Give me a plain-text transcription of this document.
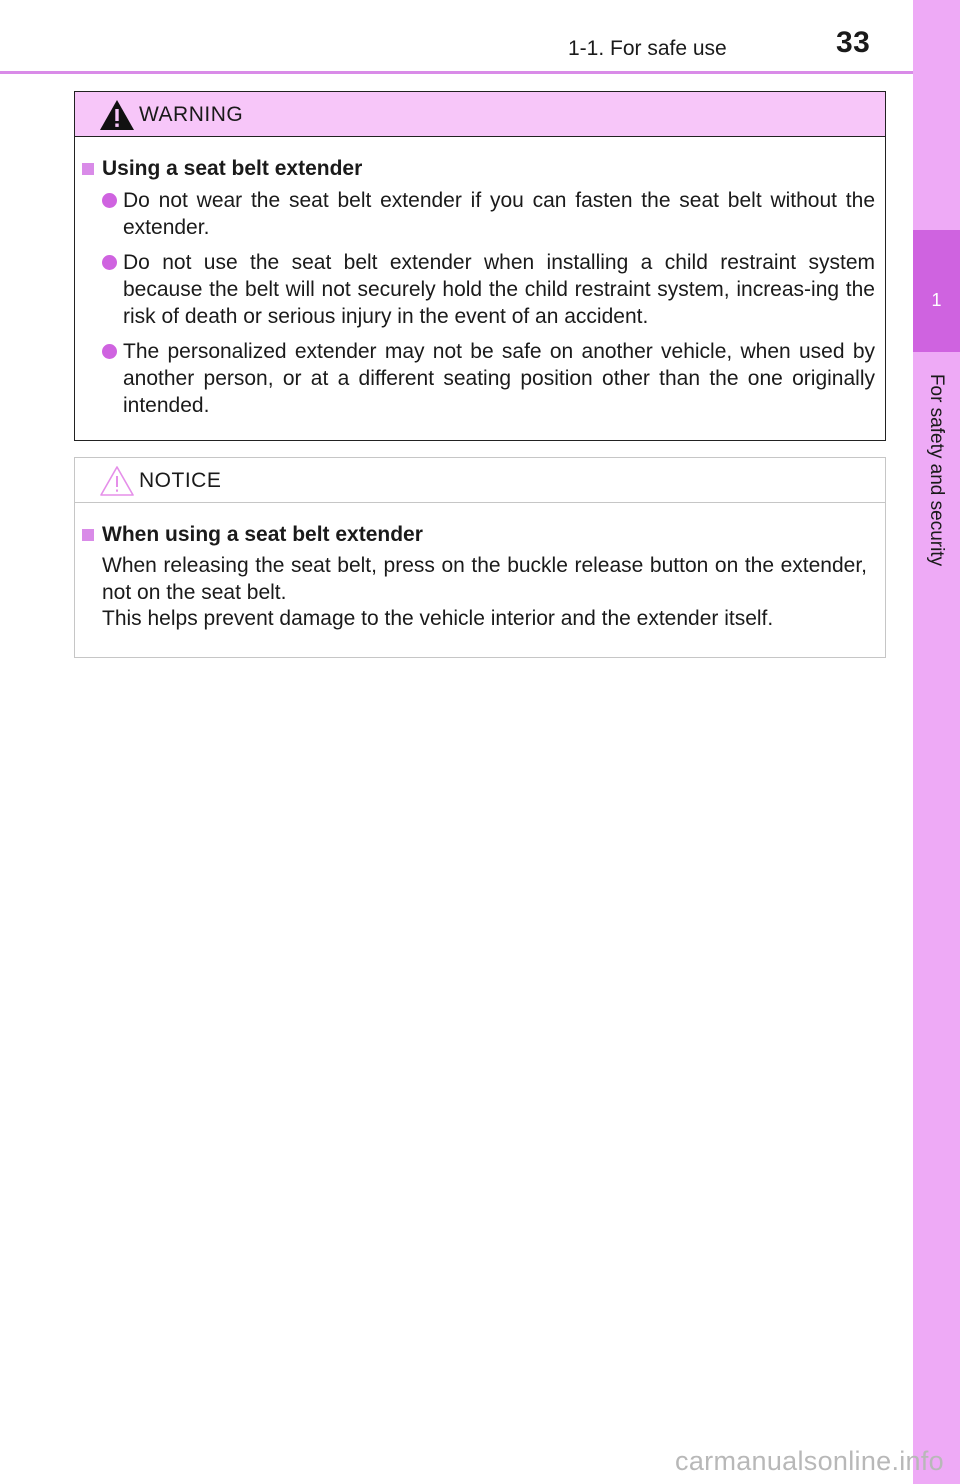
1-1. For safe use	33
1
For safety and security
WARNING
Using a seat belt extender
Do not wear the seat belt extender if you can fasten the seat belt without the extender.
Do not use the seat belt extender when installing a child restraint system because the belt will not securely hold the child restraint system, increas-ing the risk of death or serious injury in the event of an accident.
The personalized extender may not be safe on another vehicle, when used by another person, or at a different seating position other than the one originally intended.
NOTICE
When using a seat belt extender
When releasing the seat belt, press on the buckle release button on the extender, not on the seat belt.
This helps prevent damage to the vehicle interior and the extender itself.
carmanualsonline.info
